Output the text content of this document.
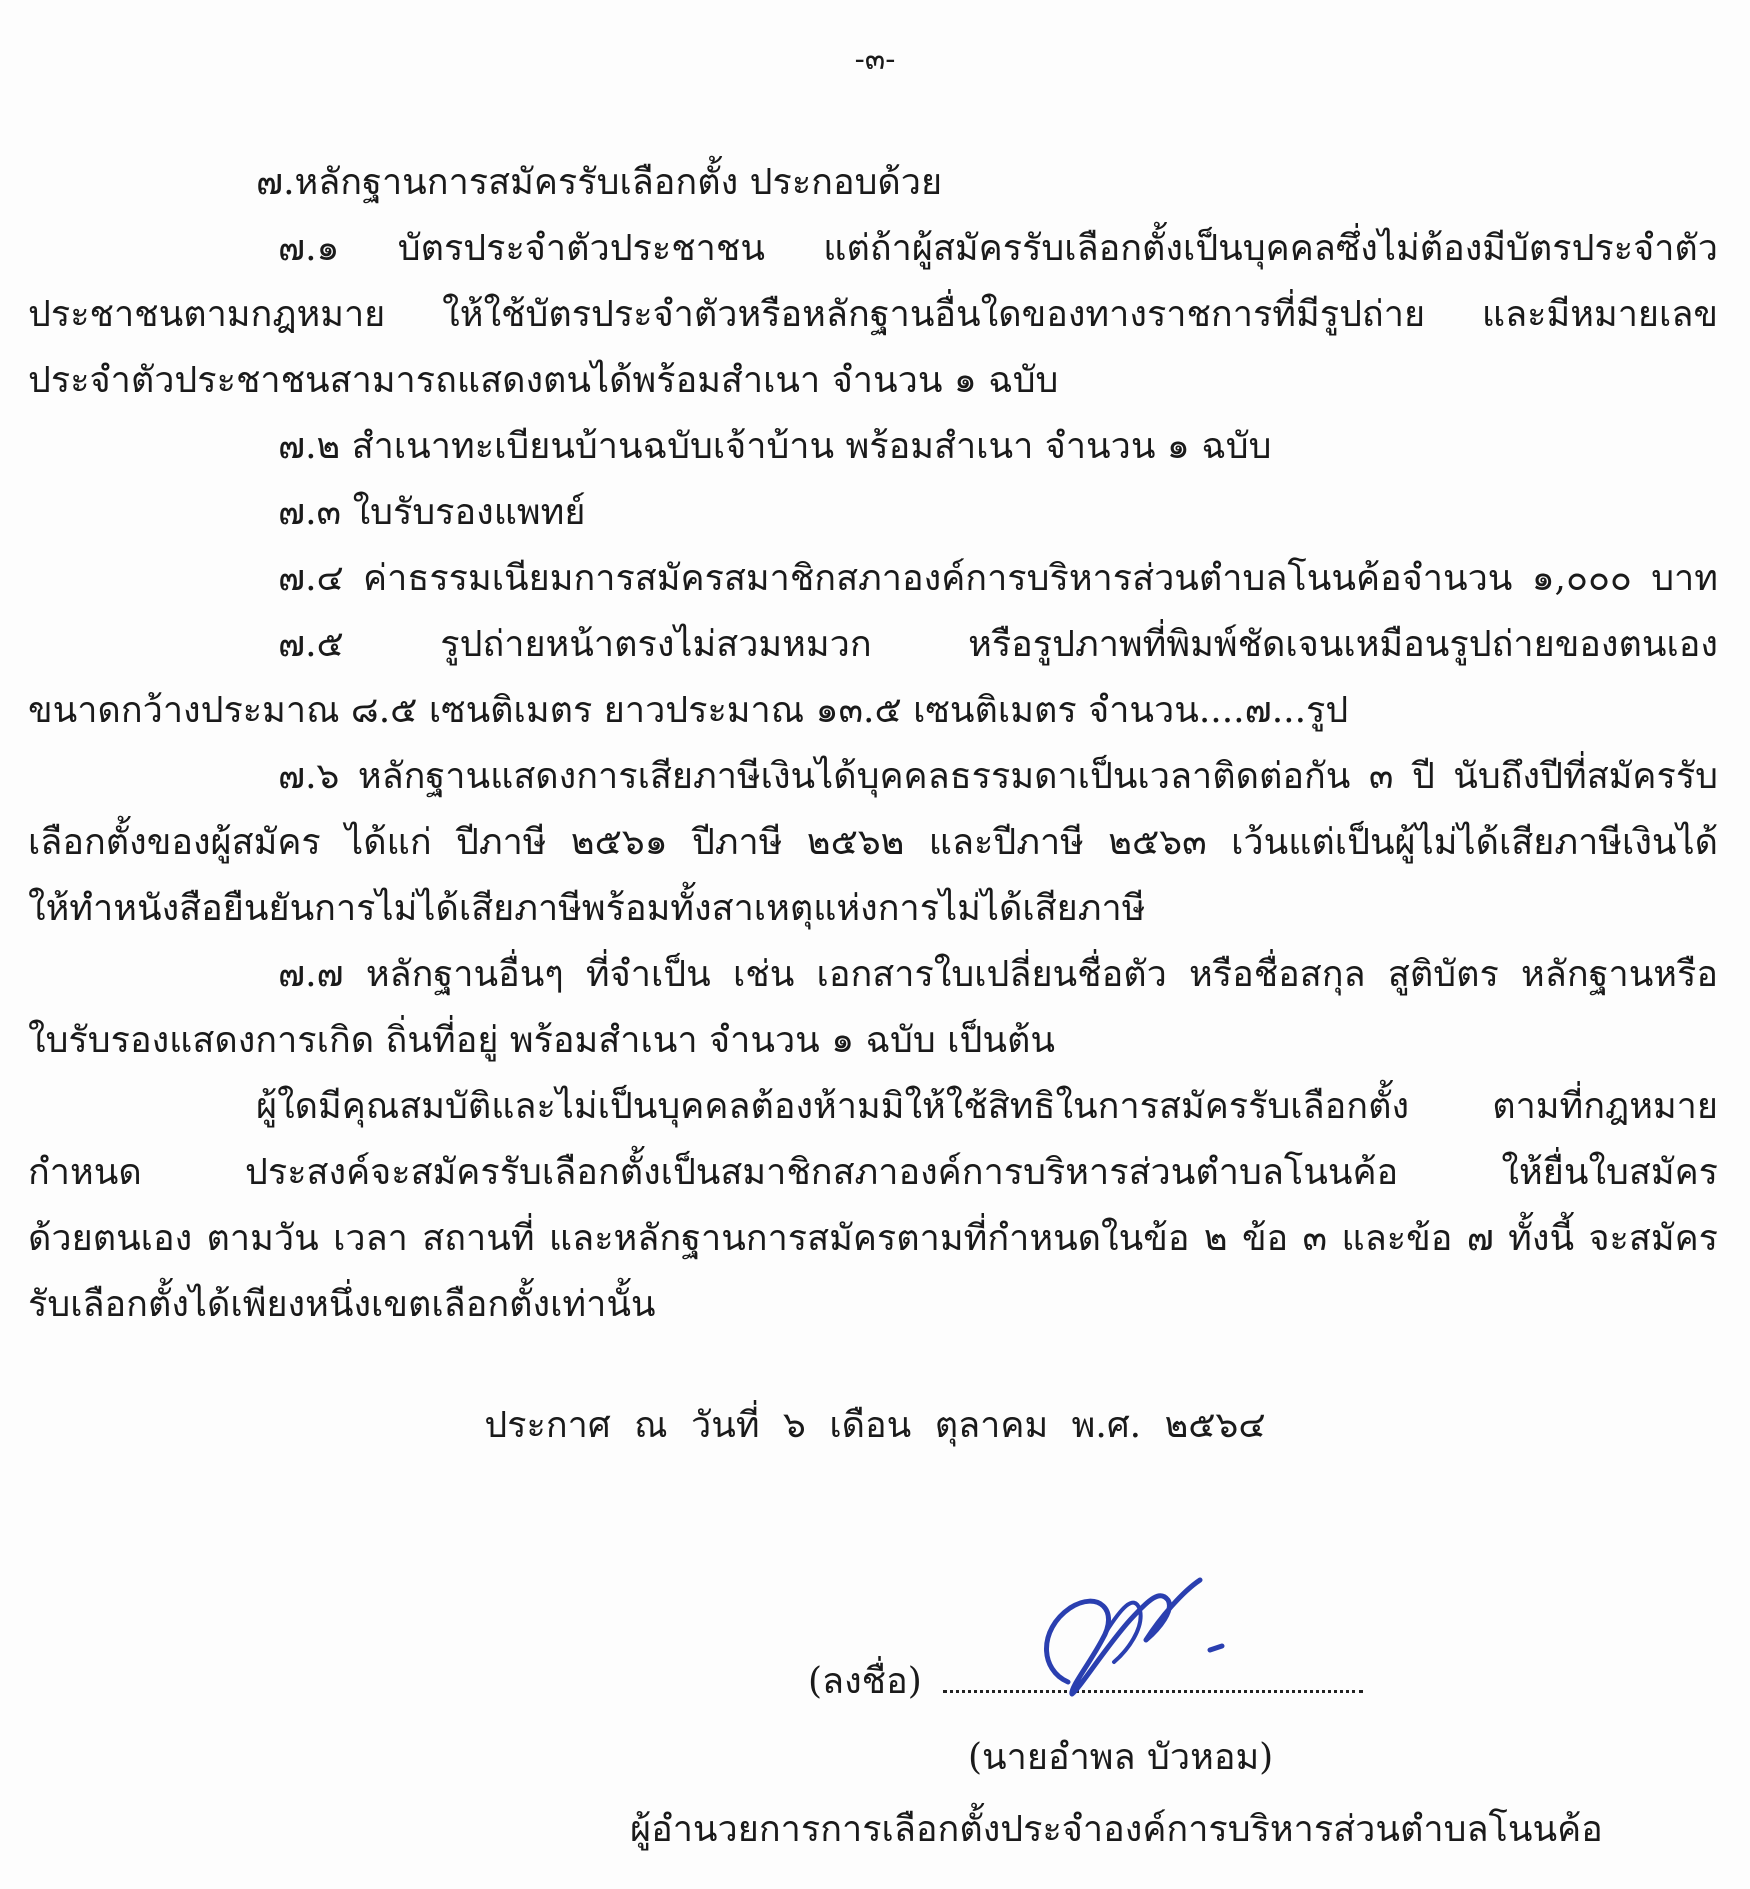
-๓-
๗.หลักฐานการสมัครรับเลือกตั้ง ประกอบด้วย
๗.๑ บัตรประจำตัวประชาชน แต่ถ้าผู้สมัครรับเลือกตั้งเป็นบุคคลซึ่งไม่ต้องมีบัตรประจำตัว
ประชาชนตามกฎหมาย ให้ใช้บัตรประจำตัวหรือหลักฐานอื่นใดของทางราชการที่มีรูปถ่าย และมีหมายเลข
ประจำตัวประชาชนสามารถแสดงตนได้พร้อมสำเนา จำนวน ๑ ฉบับ
๗.๒ สำเนาทะเบียนบ้านฉบับเจ้าบ้าน พร้อมสำเนา จำนวน ๑ ฉบับ
๗.๓ ใบรับรองแพทย์
๗.๔ ค่าธรรมเนียมการสมัครสมาชิกสภาองค์การบริหารส่วนตำบลโนนค้อจำนวน ๑,๐๐๐ บาท
๗.๕ รูปถ่ายหน้าตรงไม่สวมหมวก หรือรูปภาพที่พิมพ์ชัดเจนเหมือนรูปถ่ายของตนเอง
ขนาดกว้างประมาณ ๘.๕ เซนติเมตร ยาวประมาณ ๑๓.๕ เซนติเมตร จำนวน....๗...รูป
๗.๖ หลักฐานแสดงการเสียภาษีเงินได้บุคคลธรรมดาเป็นเวลาติดต่อกัน ๓ ปี นับถึงปีที่สมัครรับ
เลือกตั้งของผู้สมัคร ได้แก่ ปีภาษี ๒๕๖๑ ปีภาษี ๒๕๖๒ และปีภาษี ๒๕๖๓ เว้นแต่เป็นผู้ไม่ได้เสียภาษีเงินได้
ให้ทำหนังสือยืนยันการไม่ได้เสียภาษีพร้อมทั้งสาเหตุแห่งการไม่ได้เสียภาษี
๗.๗ หลักฐานอื่นๆ ที่จำเป็น เช่น เอกสารใบเปลี่ยนชื่อตัว หรือชื่อสกุล สูติบัตร หลักฐานหรือ
ใบรับรองแสดงการเกิด ถิ่นที่อยู่ พร้อมสำเนา จำนวน ๑ ฉบับ เป็นต้น
ผู้ใดมีคุณสมบัติและไม่เป็นบุคคลต้องห้ามมิให้ใช้สิทธิในการสมัครรับเลือกตั้ง ตามที่กฎหมาย
กำหนด ประสงค์จะสมัครรับเลือกตั้งเป็นสมาชิกสภาองค์การบริหารส่วนตำบลโนนค้อ ให้ยื่นใบสมัคร
ด้วยตนเอง ตามวัน เวลา สถานที่ และหลักฐานการสมัครตามที่กำหนดในข้อ ๒ ข้อ ๓ และข้อ ๗ ทั้งนี้ จะสมัคร
รับเลือกตั้งได้เพียงหนึ่งเขตเลือกตั้งเท่านั้น
ประกาศ ณ วันที่ ๖ เดือน ตุลาคม พ.ศ. ๒๕๖๔
(ลงชื่อ)
(นายอำพล บัวหอม)
ผู้อำนวยการการเลือกตั้งประจำองค์การบริหารส่วนตำบลโนนค้อ
